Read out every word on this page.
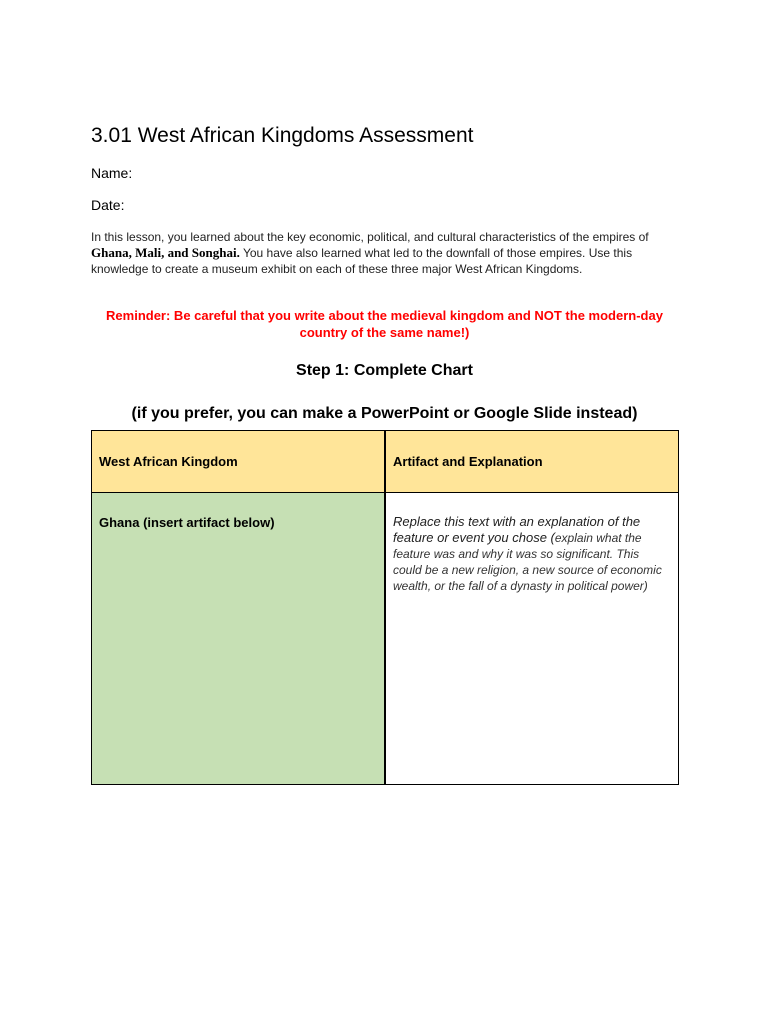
3.01 West African Kingdoms Assessment
Name:
Date:

In this lesson, you learned about the key economic, political, and cultural characteristics of the empires of Ghana, Mali, and Songhai. You have also learned what led to the downfall of those empires. Use this knowledge to create a museum exhibit on each of these three major West African Kingdoms.

Reminder: Be careful that you write about the medieval kingdom and NOT the modern-day country of the same name!)

Step 1: Complete Chart

(if you prefer, you can make a PowerPoint or Google Slide instead)

West African Kingdom	Artifact and Explanation

Ghana (insert artifact below)	Replace this text with an explanation of the feature or event you chose (explain what the feature was and why it was so significant. This could be a new religion, a new source of economic wealth, or the fall of a dynasty in political power)
